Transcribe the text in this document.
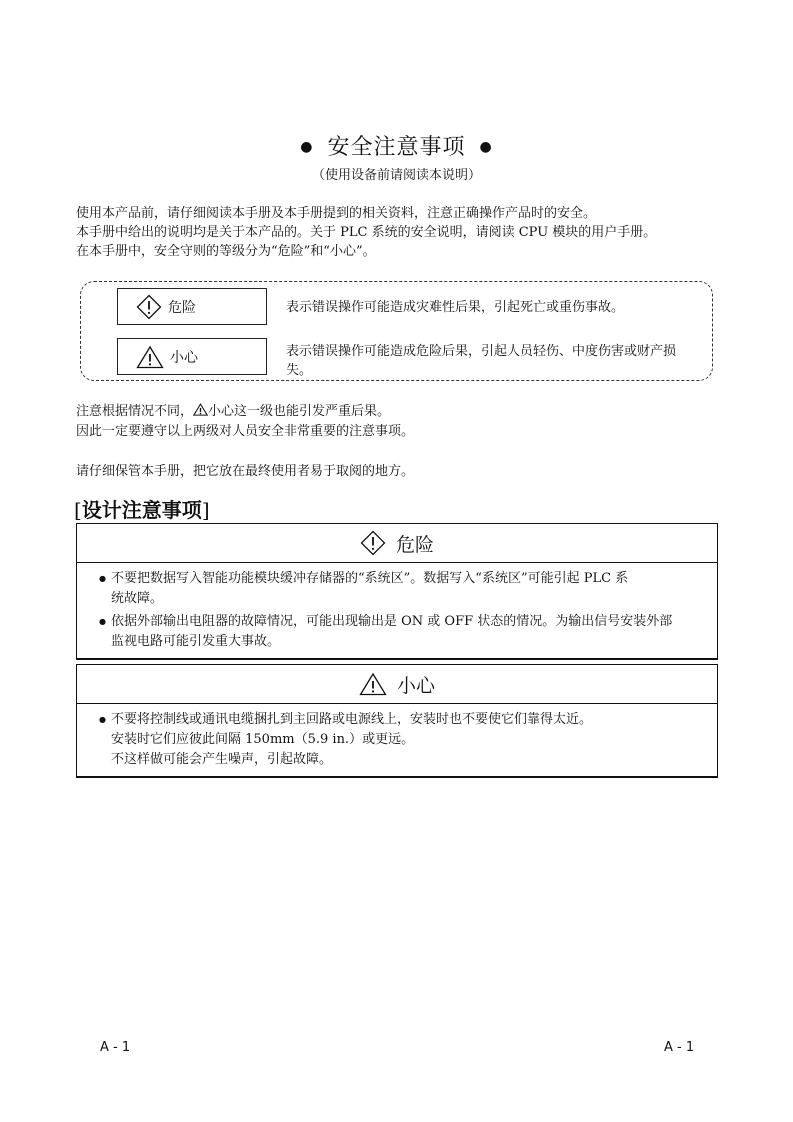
● 安全注意事项 ●
（使用设备前请阅读本说明）
使用本产品前，请仔细阅读本手册及本手册提到的相关资料，注意正确操作产品时的安全。
本手册中给出的说明均是关于本产品的。关于 PLC 系统的安全说明，请阅读 CPU 模块的用户手册。
在本手册中，安全守则的等级分为“危险”和“小心”。
危险	表示错误操作可能造成灾难性后果，引起死亡或重伤事故。
小心	表示错误操作可能造成危险后果，引起人员轻伤、中度伤害或财产损失。
注意根据情况不同， 小心这一级也能引发严重后果。
因此一定要遵守以上两级对人员安全非常重要的注意事项。
请仔细保管本手册，把它放在最终使用者易于取阅的地方。
[设计注意事项]
危险
● 不要把数据写入智能功能模块缓冲存储器的“系统区”。数据写入“系统区”可能引起 PLC 系
统故障。
● 依据外部输出电阻器的故障情况，可能出现输出是 ON 或 OFF 状态的情况。为输出信号安装外部
监视电路可能引发重大事故。
小心
● 不要将控制线或通讯电缆捆扎到主回路或电源线上，安装时也不要使它们靠得太近。
安装时它们应彼此间隔 150mm（5.9 in.）或更远。
不这样做可能会产生噪声，引起故障。
A - 1	A - 1
